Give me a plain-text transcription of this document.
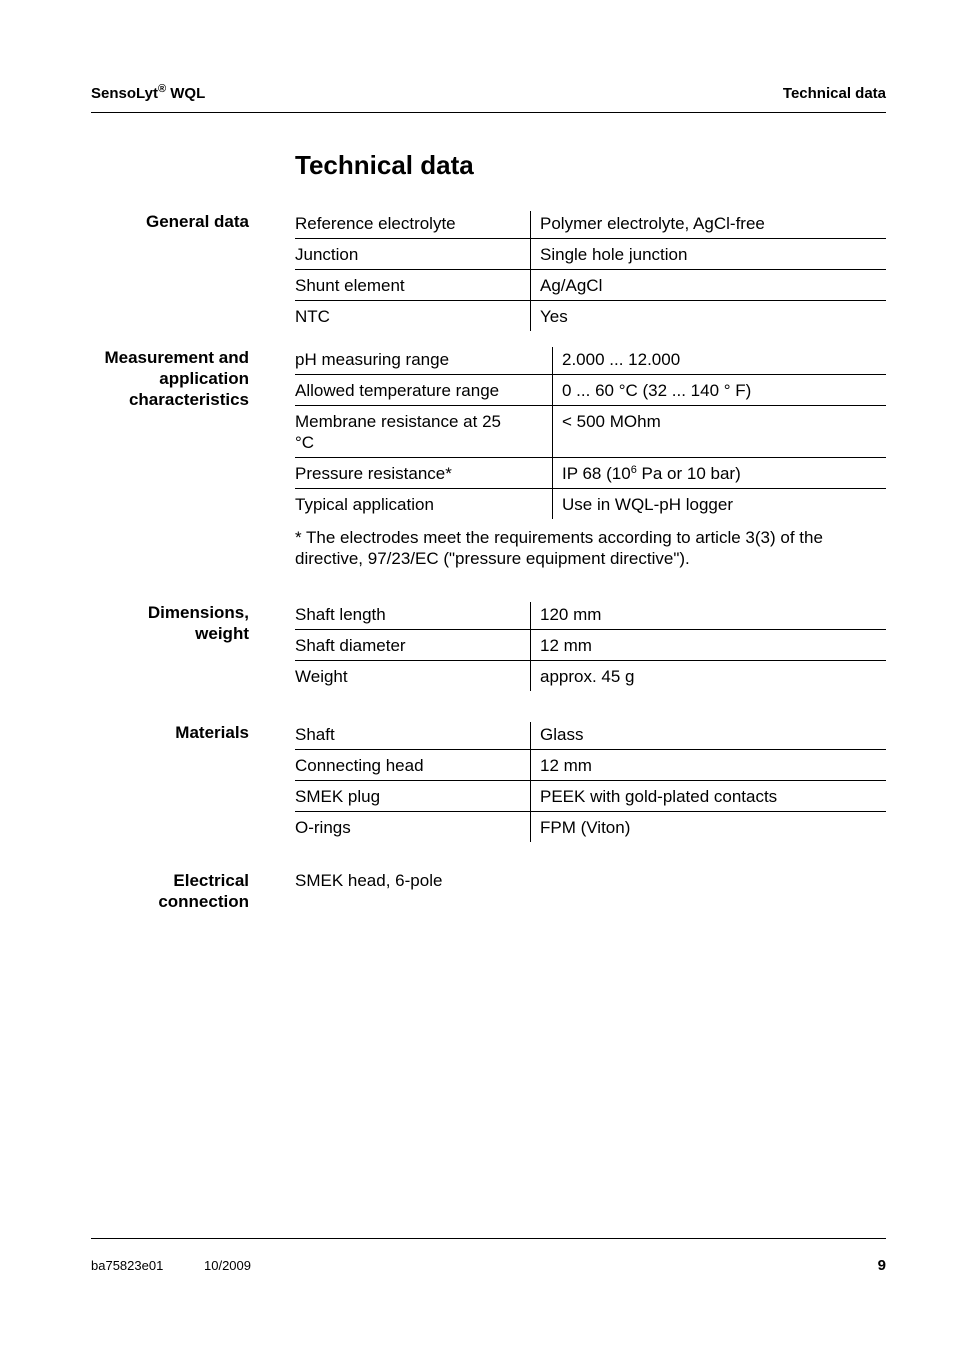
SensoLyt® WQL	Technical data
Technical data
General data	Reference electrolyte	Polymer electrolyte, AgCl-free
Junction	Single hole junction
Shunt element	Ag/AgCl
NTC	Yes
Measurement and
application
characteristics
pH measuring range	2.000 ... 12.000
Allowed temperature range	0 ... 60 °C (32 ... 140 ° F)
Membrane resistance at 25 °C	< 500 MOhm
Pressure resistance*	IP 68 ($10^6$ Pa or 10 bar)
Typical application	Use in WQL-pH logger
* The electrodes meet the requirements according to article 3(3) of the directive, 97/23/EC ("pressure equipment directive").
Dimensions,
weight
Shaft length	120 mm
Shaft diameter	12 mm
Weight	approx. 45 g
Materials	Shaft	Glass
Connecting head	12 mm
SMEK plug	PEEK with gold-plated contacts
O-rings	FPM (Viton)
Electrical
connection
SMEK head, 6-pole
ba75823e01	10/2009	9
